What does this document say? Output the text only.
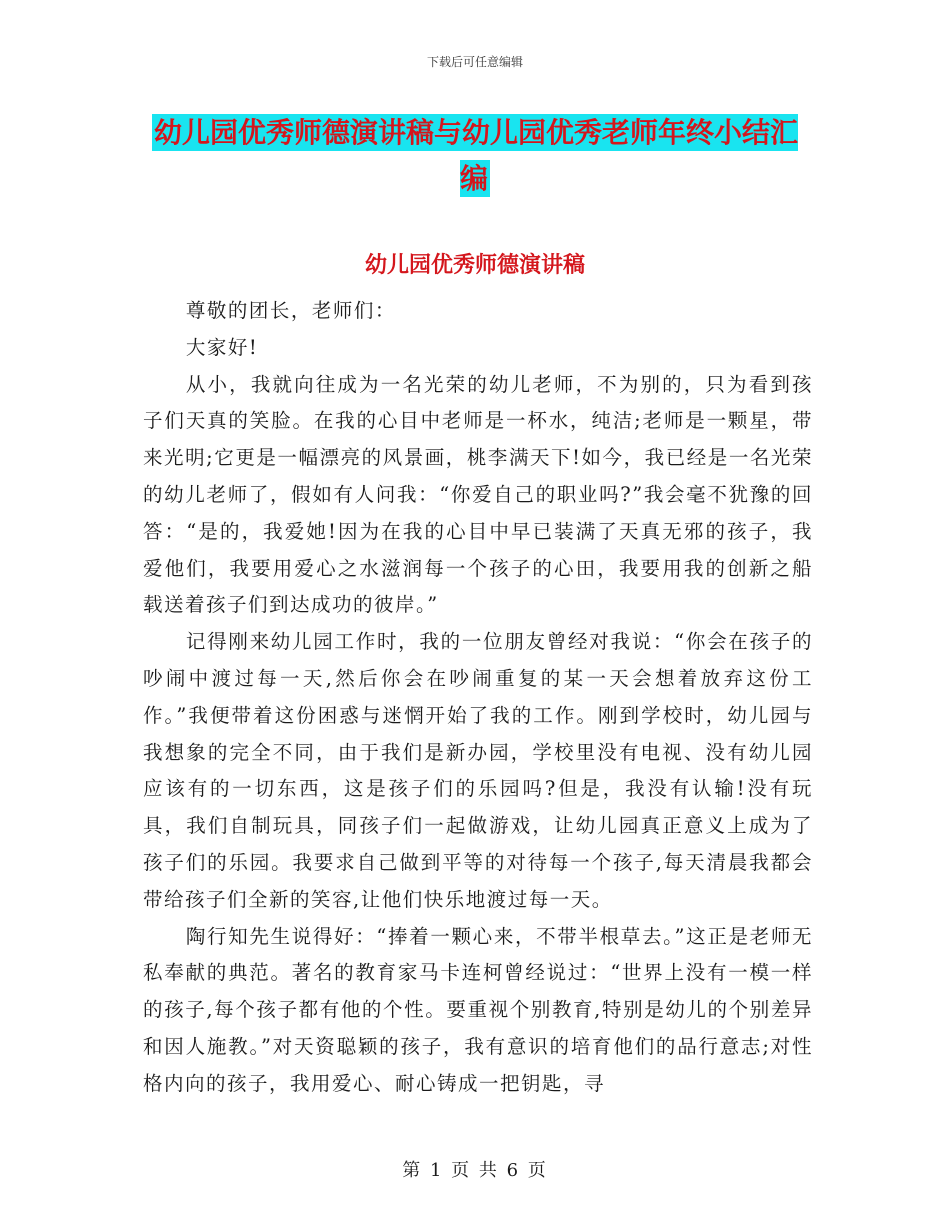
下载后可任意编辑
幼儿园优秀师德演讲稿与幼儿园优秀老师年终小结汇编
幼儿园优秀师德演讲稿

尊敬的团长，老师们：

大家好!

从小，我就向往成为一名光荣的幼儿老师，不为别的，只为看到孩子们天真的笑脸。在我的心目中老师是一杯水，纯洁;老师是一颗星，带来光明;它更是一幅漂亮的风景画，桃李满天下!如今，我已经是一名光荣的幼儿老师了，假如有人问我：“你爱自己的职业吗?”我会毫不犹豫的回答：“是的，我爱她!因为在我的心目中早已装满了天真无邪的孩子，我爱他们，我要用爱心之水滋润每一个孩子的心田，我要用我的创新之船载送着孩子们到达成功的彼岸。”

记得刚来幼儿园工作时，我的一位朋友曾经对我说：“你会在孩子的吵闹中渡过每一天,然后你会在吵闹重复的某一天会想着放弃这份工作。”我便带着这份困惑与迷惘开始了我的工作。刚到学校时，幼儿园与我想象的完全不同，由于我们是新办园，学校里没有电视、没有幼儿园应该有的一切东西，这是孩子们的乐园吗?但是，我没有认输!没有玩具，我们自制玩具，同孩子们一起做游戏，让幼儿园真正意义上成为了孩子们的乐园。我要求自己做到平等的对待每一个孩子,每天清晨我都会带给孩子们全新的笑容,让他们快乐地渡过每一天。

陶行知先生说得好：“捧着一颗心来，不带半根草去。”这正是老师无私奉献的典范。著名的教育家马卡连柯曾经说过：“世界上没有一模一样的孩子,每个孩子都有他的个性。要重视个别教育,特别是幼儿的个别差异和因人施教。”对天资聪颖的孩子，我有意识的培育他们的品行意志;对性格内向的孩子，我用爱心、耐心铸成一把钥匙，寻

第 1 页 共 6 页
